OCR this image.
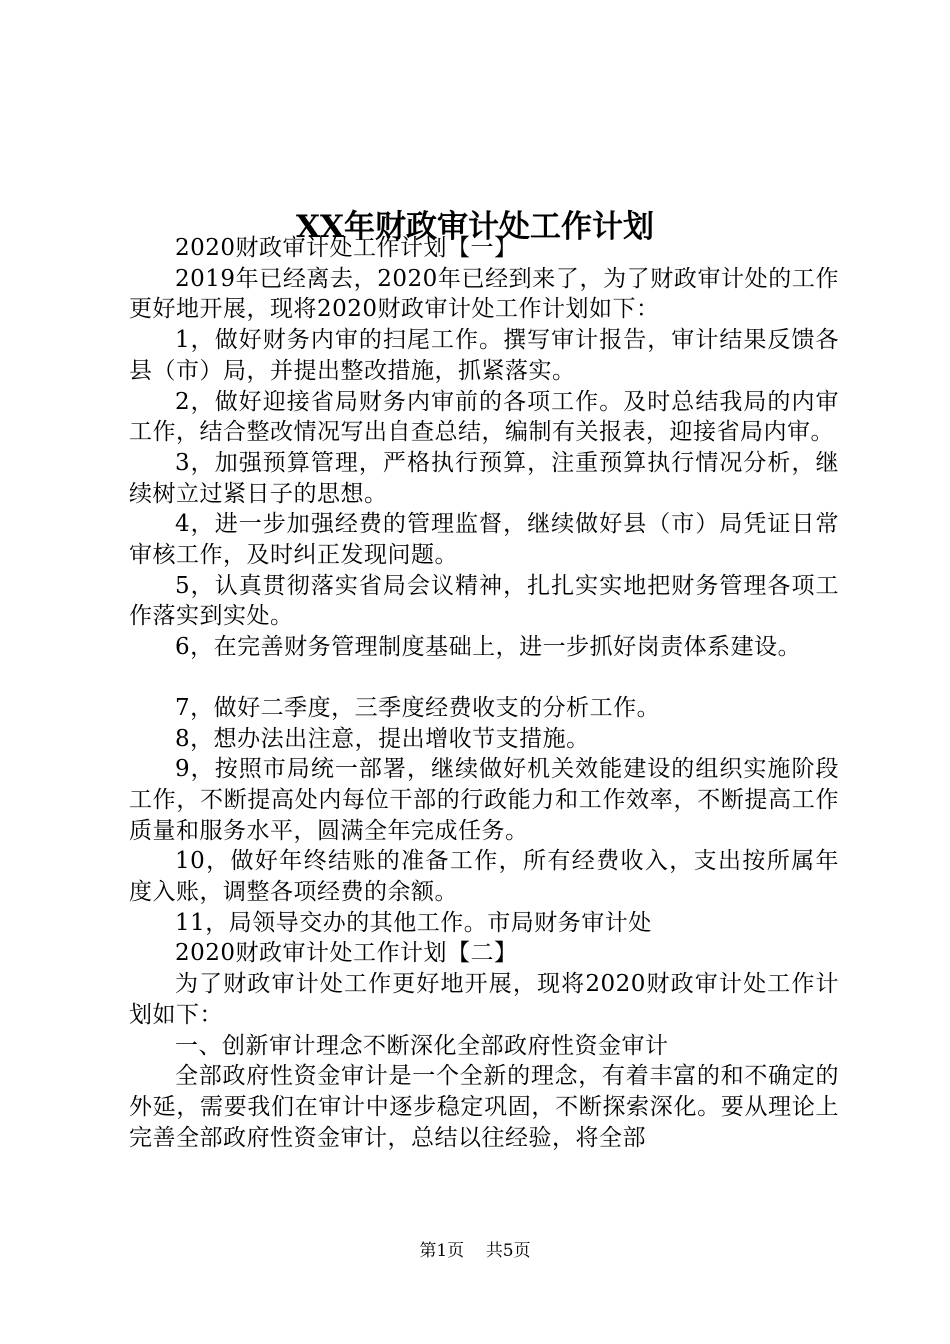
XX年财政审计处工作计划

2020财政审计处工作计划【一】

2019年已经离去，2020年已经到来了，为了财政审计处的工作更好地开展，现将2020财政审计处工作计划如下：

1，做好财务内审的扫尾工作。撰写审计报告，审计结果反馈各县（市）局，并提出整改措施，抓紧落实。

2，做好迎接省局财务内审前的各项工作。及时总结我局的内审工作，结合整改情况写出自查总结，编制有关报表，迎接省局内审。

3，加强预算管理，严格执行预算，注重预算执行情况分析，继续树立过紧日子的思想。

4，进一步加强经费的管理监督，继续做好县（市）局凭证日常审核工作，及时纠正发现问题。

5，认真贯彻落实省局会议精神，扎扎实实地把财务管理各项工作落实到实处。

6，在完善财务管理制度基础上，进一步抓好岗责体系建设。

7，做好二季度，三季度经费收支的分析工作。

8，想办法出注意，提出增收节支措施。

9，按照市局统一部署，继续做好机关效能建设的组织实施阶段工作，不断提高处内每位干部的行政能力和工作效率，不断提高工作质量和服务水平，圆满全年完成任务。

10，做好年终结账的准备工作，所有经费收入，支出按所属年度入账，调整各项经费的余额。

11，局领导交办的其他工作。市局财务审计处

2020财政审计处工作计划【二】

为了财政审计处工作更好地开展，现将2020财政审计处工作计划如下：

一、创新审计理念不断深化全部政府性资金审计

全部政府性资金审计是一个全新的理念，有着丰富的和不确定的外延，需要我们在审计中逐步稳定巩固，不断探索深化。要从理论上完善全部政府性资金审计，总结以往经验，将全部

第1页 共5页
